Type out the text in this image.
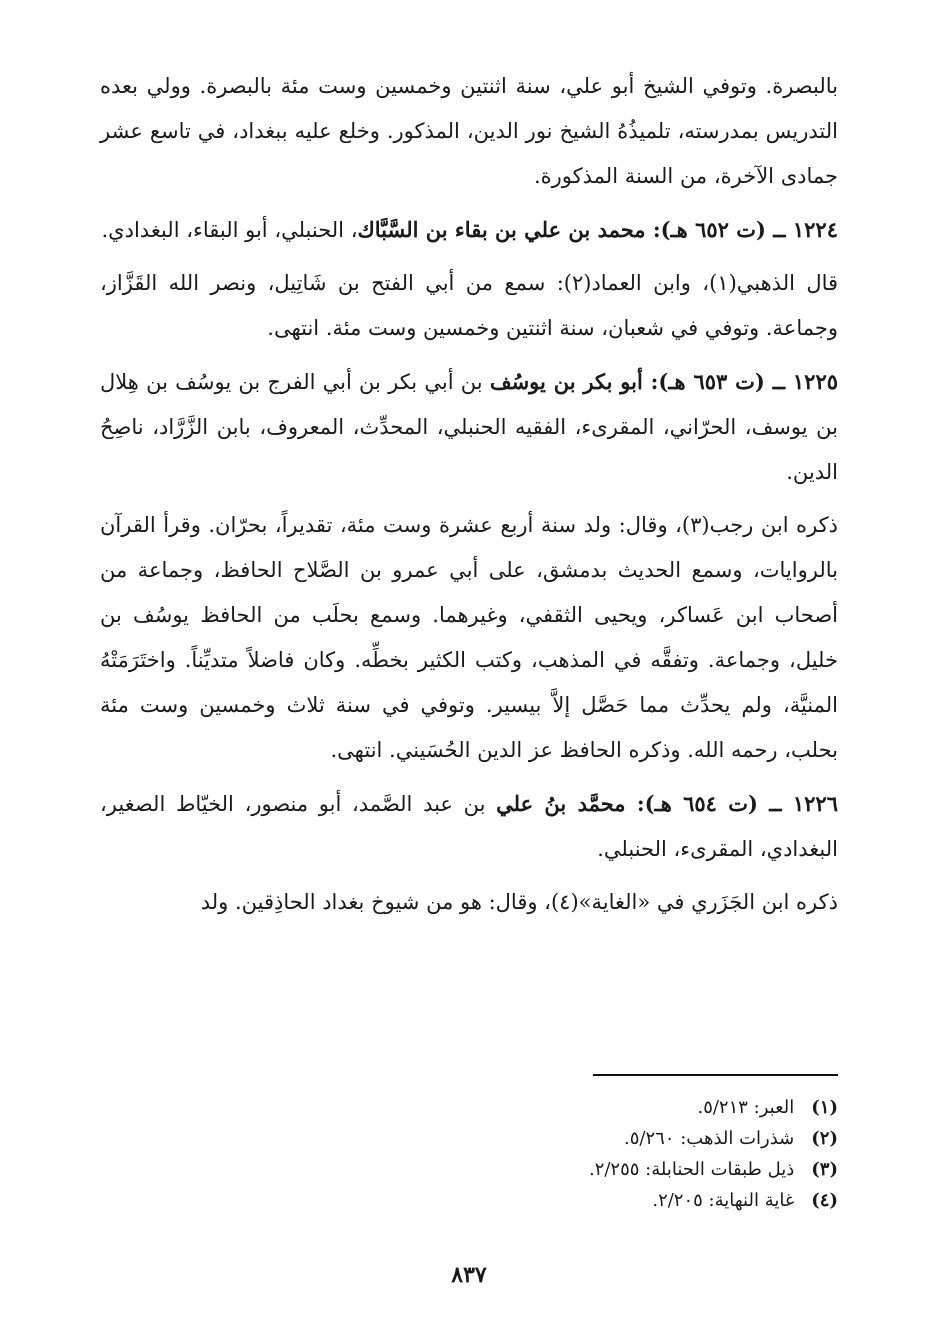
بالبصرة. وتوفي الشيخ أبو علي، سنة اثنتين وخمسين وست مئة بالبصرة. وولي بعده التدريس بمدرسته، تلميذُهُ الشيخ نور الدين، المذكور. وخلع عليه ببغداد، في تاسع عشر جمادى الآخرة، من السنة المذكورة.

١٢٢٤ ــ (ت ٦٥٢ هـ): محمد بن علي بن بقاء بن السَّبَّاك، الحنبلي، أبو البقاء، البغدادي.

قال الذهبي(١)، وابن العماد(٢): سمع من أبي الفتح بن شَاتِيل، ونصر الله القَزَّاز، وجماعة. وتوفي في شعبان، سنة اثنتين وخمسين وست مئة. انتهى.

١٢٢٥ ــ (ت ٦٥٣ هـ): أبو بكر بن يوسُف بن أبي بكر بن أبي الفرج بن يوسُف بن هِلال بن يوسف، الحرّاني، المقرىء، الفقيه الحنبلي، المحدِّث، المعروف، بابن الزَّرَّاد، ناصِحُ الدين.

ذكره ابن رجب(٣)، وقال: ولد سنة أربع عشرة وست مئة، تقديراً، بحرّان. وقرأ القرآن بالروايات، وسمع الحديث بدمشق، على أبي عمرو بن الصَّلاح الحافظ، وجماعة من أصحاب ابن عَساكر، ويحيى الثقفي، وغيرهما. وسمع بحلَب من الحافظ يوسُف بن خليل، وجماعة. وتفقَّه في المذهب، وكتب الكثير بخطِّه. وكان فاضلاً متديِّناً. واختَرَمَتْهُ المنيَّة، ولم يحدِّث مما حَصَّل إلاَّ بيسير. وتوفي في سنة ثلاث وخمسين وست مئة بحلب، رحمه الله. وذكره الحافظ عز الدين الحُسَيني. انتهى.

١٢٢٦ ــ (ت ٦٥٤ هـ): محمَّد بنُ علي بن عبد الصَّمد، أبو منصور، الخيّاط الصغير، البغدادي، المقرىء، الحنبلي.

ذكره ابن الجَزَري في «الغاية»(٤)، وقال: هو من شيوخ بغداد الحاذِقين. ولد

(١) العبر: ٥/٢١٣.

(٢) شذرات الذهب: ٥/٢٦٠.

(٣) ذيل طبقات الحنابلة: ٢/٢٥٥.

(٤) غاية النهاية: ٢/٢٠٥.

٨٣٧
